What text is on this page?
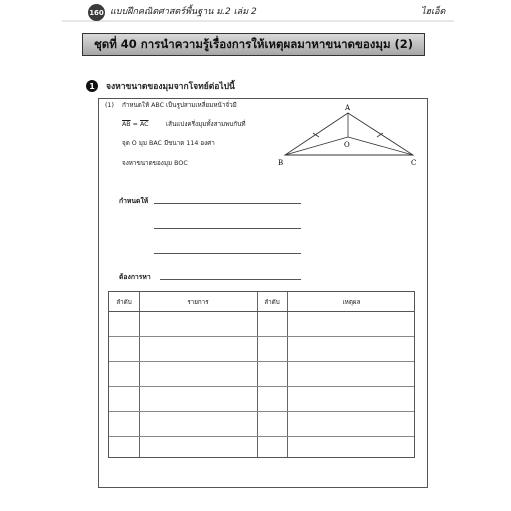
160 แบบฝึกคณิตศาสตร์พื้นฐาน ม.2 เล่ม 2	ไฮเอ็ด
ชุดที่ 40 การนำความรู้เรื่องการให้เหตุผลมาหาขนาดของมุม (2)
1 จงหาขนาดของมุมจากโจทย์ต่อไปนี้
(1) กำหนดให้ ABC เป็นรูปสามเหลี่ยมหน้าจั่วมี
$\overline{AB} = \overline{AC}$	เส้นแบ่งครึ่งมุมทั้งสามพบกันที่
จุด O มุม BAC มีขนาด 114 องศา
จงหาขนาดของมุม BOC
A
B	C
O
กำหนดให้
ต้องการหา
ลำดับ	รายการ	ลำดับ	เหตุผล
